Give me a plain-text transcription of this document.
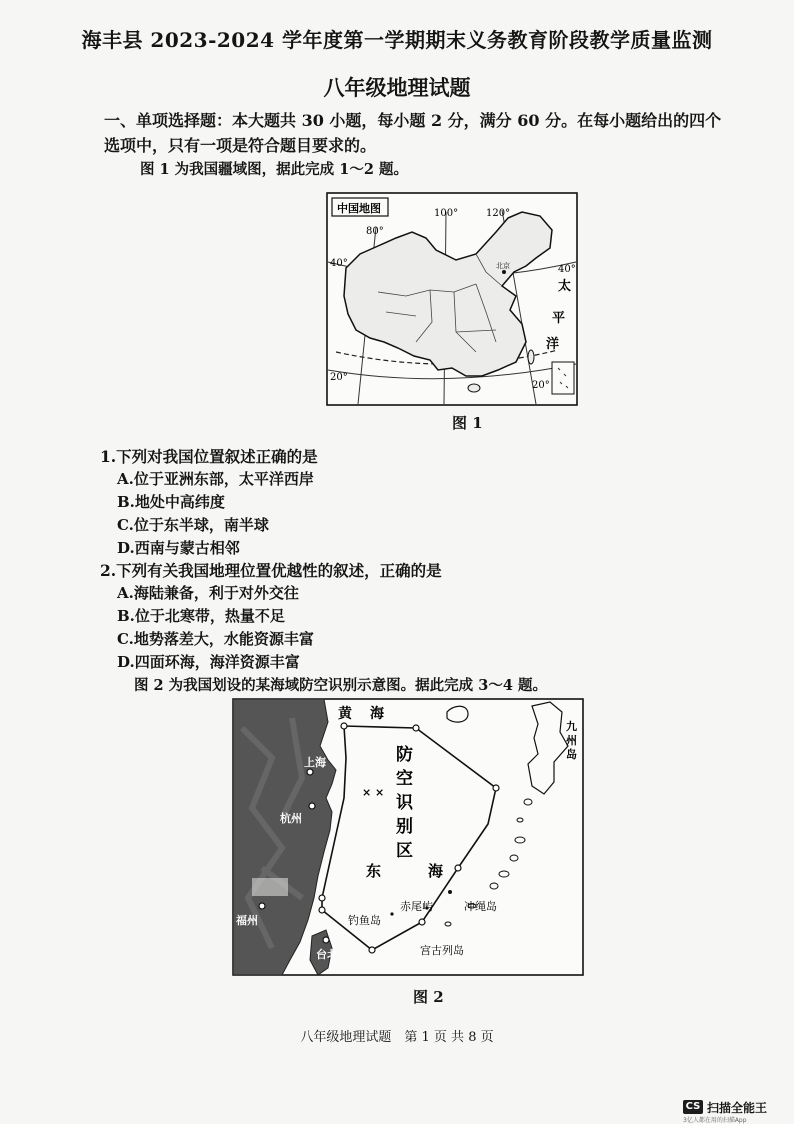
海丰县 2023-2024 学年度第一学期期末义务教育阶段教学质量监测
八年级地理试题
一、单项选择题：本大题共 30 小题，每小题 2 分，满分 60 分。在每小题给出的四个
选项中，只有一项是符合题目要求的。
图 1 为我国疆域图，据此完成 1～2 题。
北京
中国地图
80°
100°	120°
40°
40°
20°
20°
太
平
洋
图 1
1.下列对我国位置叙述正确的是
A.位于亚洲东部，太平洋西岸
B.地处中高纬度
C.位于东半球，南半球
D.西南与蒙古相邻
2.下列有关我国地理位置优越性的叙述，正确的是
A.海陆兼备，利于对外交往
B.位于北寒带，热量不足
C.地势落差大，水能资源丰富
D.四面环海，海洋资源丰富
图 2 为我国划设的某海域防空识别示意图。据此完成 3～4 题。
× ×
黄 海
防
空
识
别
区
东	海
上海
杭州
福州
台北
九
州
岛
钓鱼岛
赤尾屿	冲绳岛
宫古列岛
图 2
八年级地理试题　第 1 页 共 8 页
CS 扫描全能王
3亿人都在用的扫描App
